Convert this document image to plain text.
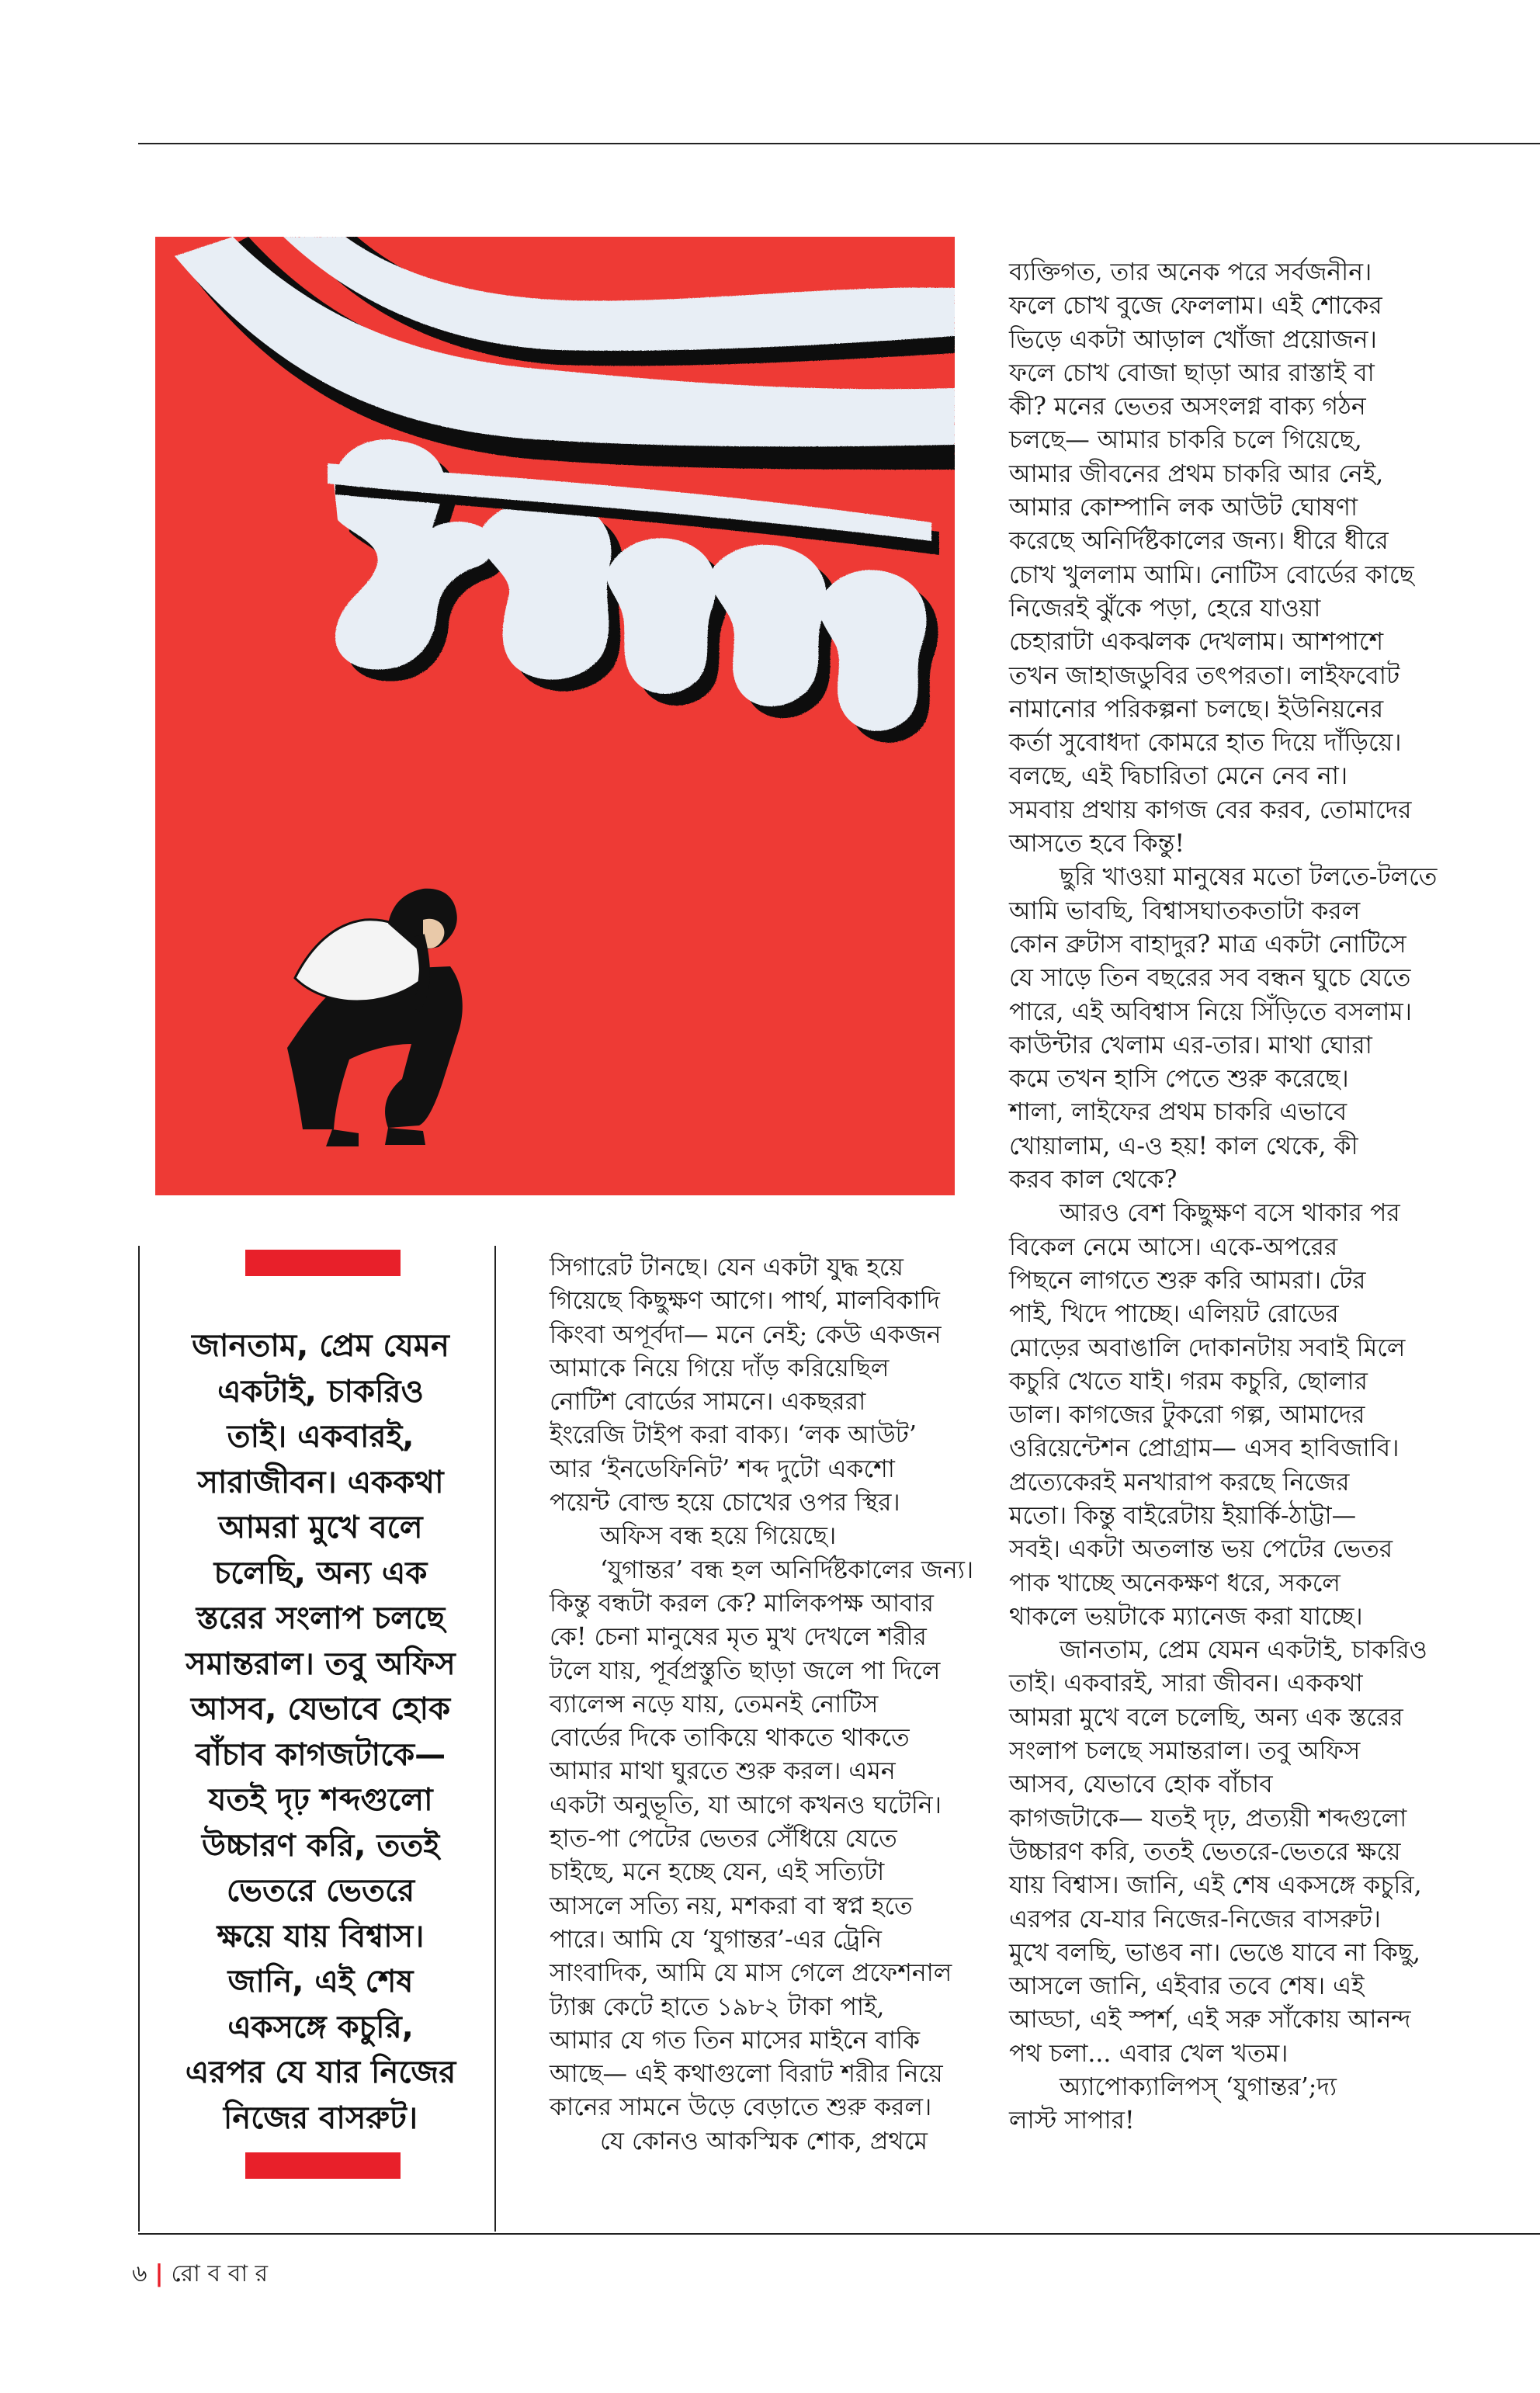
জানতাম, প্রেম যেমন

একটাই, চাকরিও

তাই। একবারই,

সারাজীবন। এককথা

আমরা মুখে বলে

চলেছি, অন্য এক

স্তরের সংলাপ চলছে

সমান্তরাল। তবু অফিস

আসব, যেভাবে হোক

বাঁচাব কাগজটাকে—

যতই দৃঢ় শব্দগুলো

উচ্চারণ করি, ততই

ভেতরে ভেতরে

ক্ষয়ে যায় বিশ্বাস।

জানি, এই শেষ

একসঙ্গে কচুরি,

এরপর যে যার নিজের

নিজের বাসরুট।

সিগারেট টানছে। যেন একটা যুদ্ধ হয়ে

গিয়েছে কিছুক্ষণ আগে। পার্থ, মালবিকাদি

কিংবা অপূর্বদা— মনে নেই; কেউ একজন

আমাকে নিয়ে গিয়ে দাঁড় করিয়েছিল

নোটিশ বোর্ডের সামনে। একছররা

ইংরেজি টাইপ করা বাক্য। ‘লক আউট’

আর ‘ইনডেফিনিট’ শব্দ দুটো একশো

পয়েন্ট বোল্ড হয়ে চোখের ওপর স্থির।

অফিস বন্ধ হয়ে গিয়েছে।

‘যুগান্তর’ বন্ধ হল অনির্দিষ্টকালের জন্য।

কিন্তু বন্ধটা করল কে? মালিকপক্ষ আবার

কে! চেনা মানুষের মৃত মুখ দেখলে শরীর

টলে যায়, পূর্বপ্রস্তুতি ছাড়া জলে পা দিলে

ব্যালেন্স নড়ে যায়, তেমনই নোটিস

বোর্ডের দিকে তাকিয়ে থাকতে থাকতে

আমার মাথা ঘুরতে শুরু করল। এমন

একটা অনুভূতি, যা আগে কখনও ঘটেনি।

হাত-পা পেটের ভেতর সেঁধিয়ে যেতে

চাইছে, মনে হচ্ছে যেন, এই সত্যিটা

আসলে সত্যি নয়, মশকরা বা স্বপ্ন হতে

পারে। আমি যে ‘যুগান্তর’-এর ট্রেনি

সাংবাদিক, আমি যে মাস গেলে প্রফেশনাল

ট্যাক্স কেটে হাতে ১৯৮২ টাকা পাই,

আমার যে গত তিন মাসের মাইনে বাকি

আছে— এই কথাগুলো বিরাট শরীর নিয়ে

কানের সামনে উড়ে বেড়াতে শুরু করল।

যে কোনও আকস্মিক শোক, প্রথমে

ব্যক্তিগত, তার অনেক পরে সর্বজনীন।

ফলে চোখ বুজে ফেললাম। এই শোকের

ভিড়ে একটা আড়াল খোঁজা প্রয়োজন।

ফলে চোখ বোজা ছাড়া আর রাস্তাই বা

কী? মনের ভেতর অসংলগ্ন বাক্য গঠন

চলছে— আমার চাকরি চলে গিয়েছে,

আমার জীবনের প্রথম চাকরি আর নেই,

আমার কোম্পানি লক আউট ঘোষণা

করেছে অনির্দিষ্টকালের জন্য। ধীরে ধীরে

চোখ খুললাম আমি। নোটিস বোর্ডের কাছে

নিজেরই ঝুঁকে পড়া, হেরে যাওয়া

চেহারাটা একঝলক দেখলাম। আশপাশে

তখন জাহাজডুবির তৎপরতা। লাইফবোট

নামানোর পরিকল্পনা চলছে। ইউনিয়নের

কর্তা সুবোধদা কোমরে হাত দিয়ে দাঁড়িয়ে।

বলছে, এই দ্বিচারিতা মেনে নেব না।

সমবায় প্রথায় কাগজ বের করব, তোমাদের

আসতে হবে কিন্তু!

ছুরি খাওয়া মানুষের মতো টলতে-টলতে

আমি ভাবছি, বিশ্বাসঘাতকতাটা করল

কোন ব্রুটাস বাহাদুর? মাত্র একটা নোটিসে

যে সাড়ে তিন বছরের সব বন্ধন ঘুচে যেতে

পারে, এই অবিশ্বাস নিয়ে সিঁড়িতে বসলাম।

কাউন্টার খেলাম এর-তার। মাথা ঘোরা

কমে তখন হাসি পেতে শুরু করেছে।

শালা, লাইফের প্রথম চাকরি এভাবে

খোয়ালাম, এ-ও হয়! কাল থেকে, কী

করব কাল থেকে?

আরও বেশ কিছুক্ষণ বসে থাকার পর

বিকেল নেমে আসে। একে-অপরের

পিছনে লাগতে শুরু করি আমরা। টের

পাই, খিদে পাচ্ছে। এলিয়ট রোডের

মোড়ের অবাঙালি দোকানটায় সবাই মিলে

কচুরি খেতে যাই। গরম কচুরি, ছোলার

ডাল। কাগজের টুকরো গল্প, আমাদের

ওরিয়েন্টেশন প্রোগ্রাম— এসব হাবিজাবি।

প্রত্যেকেরই মনখারাপ করছে নিজের

মতো। কিন্তু বাইরেটায় ইয়ার্কি-ঠাট্টা—

সবই। একটা অতলান্ত ভয় পেটের ভেতর

পাক খাচ্ছে অনেকক্ষণ ধরে, সকলে

থাকলে ভয়টাকে ম্যানেজ করা যাচ্ছে।

জানতাম, প্রেম যেমন একটাই, চাকরিও

তাই। একবারই, সারা জীবন। এককথা

আমরা মুখে বলে চলেছি, অন্য এক স্তরের

সংলাপ চলছে সমান্তরাল। তবু অফিস

আসব, যেভাবে হোক বাঁচাব

কাগজটাকে— যতই দৃঢ়, প্রত্যয়ী শব্দগুলো

উচ্চারণ করি, ততই ভেতরে-ভেতরে ক্ষয়ে

যায় বিশ্বাস। জানি, এই শেষ একসঙ্গে কচুরি,

এরপর যে-যার নিজের-নিজের বাসরুট।

মুখে বলছি, ভাঙব না। ভেঙে যাবে না কিছু,

আসলে জানি, এইবার তবে শেষ। এই

আড্ডা, এই স্পর্শ, এই সরু সাঁকোয় আনন্দ

পথ চলা... এবার খেল খতম।

অ্যাপোক্যালিপস্ ‘যুগান্তর’;দ্য

লাস্ট সাপার!

৬ | রো ব বা র
